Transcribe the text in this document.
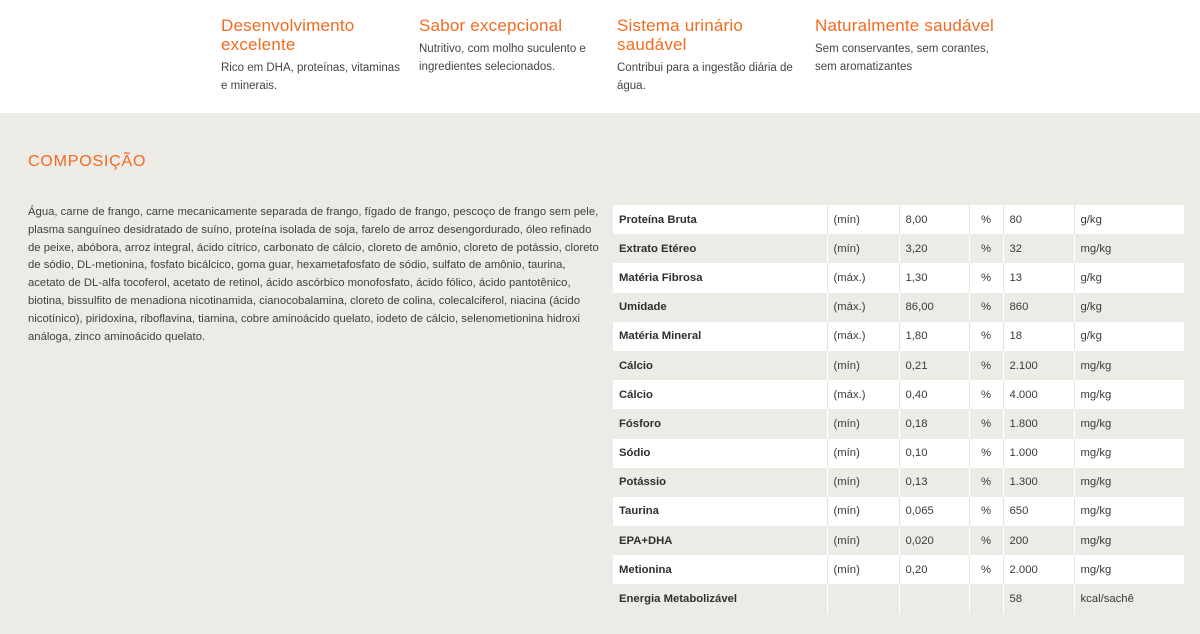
Desenvolvimento excelente

Rico em DHA, proteínas, vitaminas e minerais.

Sabor excepcional

Nutritivo, com molho suculento e ingredientes selecionados.

Sistema urinário saudável

Contribui para a ingestão diária de água.

Naturalmente saudável

Sem conservantes, sem corantes, sem aromatizantes

COMPOSIÇÃO

Água, carne de frango, carne mecanicamente separada de frango, fígado de frango, pescoço de frango sem pele, plasma sanguíneo desidratado de suíno, proteína isolada de soja, farelo de arroz desengordurado, óleo refinado de peixe, abóbora, arroz integral, ácido cítrico, carbonato de cálcio, cloreto de amônio, cloreto de potássio, cloreto de sódio, DL-metionina, fosfato bicálcico, goma guar, hexametafosfato de sódio, sulfato de amônio, taurina, acetato de DL-alfa tocoferol, acetato de retinol, ácido ascórbico monofosfato, ácido fólico, ácido pantotênico, biotina, bissulfito de menadiona nicotinamida, cianocobalamina, cloreto de colina, colecalciferol, niacina (ácido nicotínico), piridoxina, riboflavina, tiamina, cobre aminoácido quelato, iodeto de cálcio, selenometionina hidroxi análoga, zinco aminoácido quelato.

Proteína Bruta	(mín)	8,00	%	80	g/kg
Extrato Etéreo	(mín)	3,20	%	32	mg/kg
Matéria Fibrosa	(máx.)	1,30	%	13	g/kg
Umidade	(máx.)	86,00	%	860	g/kg
Matéria Mineral	(máx.)	1,80	%	18	g/kg
Cálcio	(mín)	0,21	%	2.100	mg/kg
Cálcio	(máx.)	0,40	%	4.000	mg/kg
Fósforo	(mín)	0,18	%	1.800	mg/kg
Sódio	(mín)	0,10	%	1.000	mg/kg
Potássio	(mín)	0,13	%	1.300	mg/kg
Taurina	(mín)	0,065	%	650	mg/kg
EPA+DHA	(mín)	0,020	%	200	mg/kg
Metionina	(mín)	0,20	%	2.000	mg/kg
Energia Metabolizável				58	kcal/sachê
